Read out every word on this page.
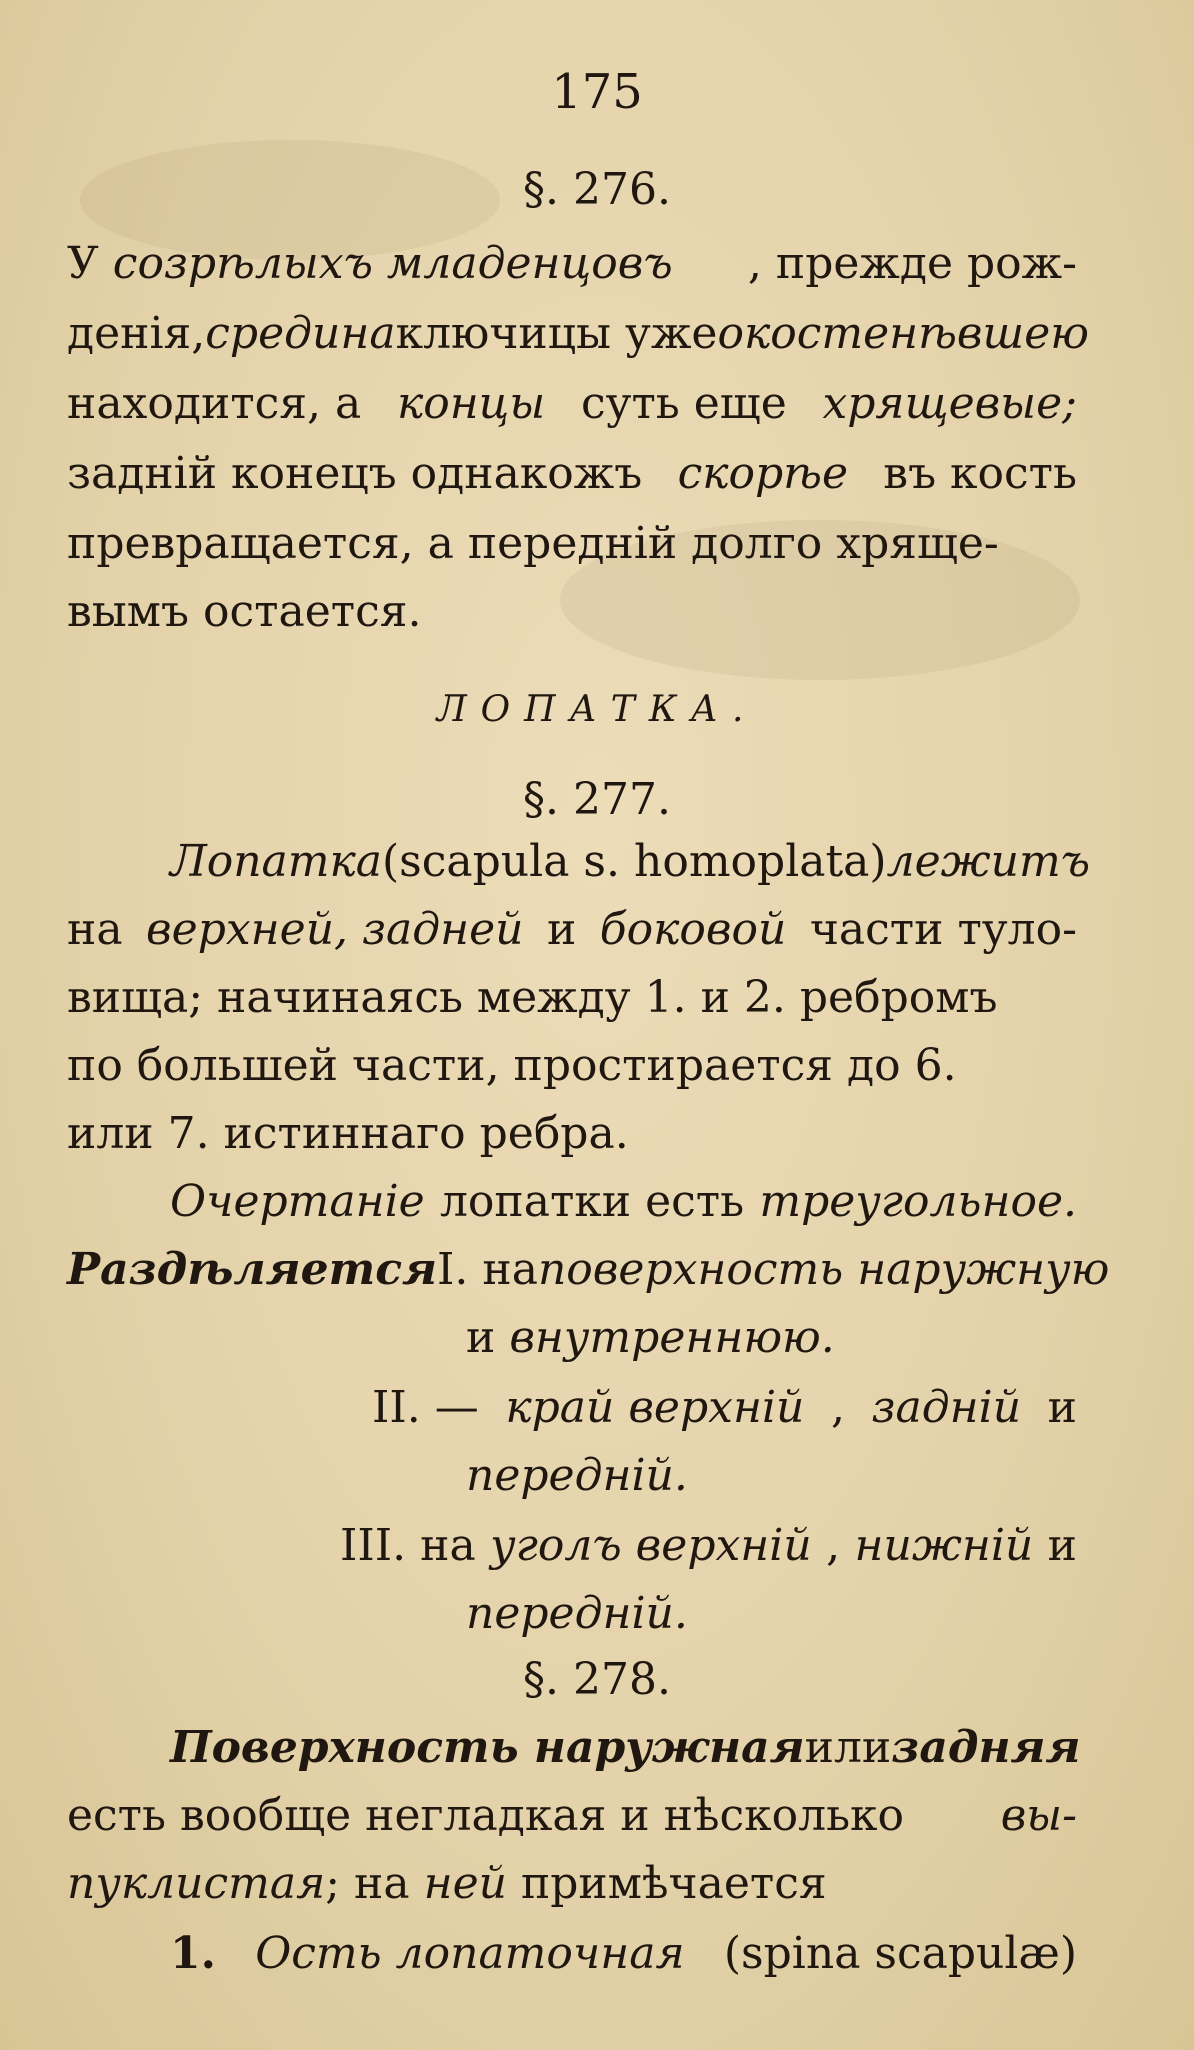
175
§. 276.
У созрѣлыхъ младенцовъ , прежде рож-
денія, средина ключицы уже окостенѣвшею
находится, а концы суть еще хрящевые;
задній конецъ однакожъ скорѣе въ кость
превращается, а передній долго хряще-
вымъ остается.
ЛОПАТКА.
§. 277.
Лопатка (scapula s. homoplata) лежитъ
на верхней, задней и боковой части туло-
вища; начинаясь между 1. и 2. ребромъ
по большей части, простирается до 6.
или 7. истиннаго ребра.
Очертаніе лопатки есть треугольное.
Раздѣляется I. на поверхность наружную
и внутреннюю.
II. — край верхній , задній и
передній.
III. на уголъ верхній , нижній и
передній.
§. 278.
Поверхность наружная или задняя
есть вообще негладкая и нѣсколько вы-
пуклистая; на ней примѣчается
1. Ость лопаточная (spina scapulæ)
